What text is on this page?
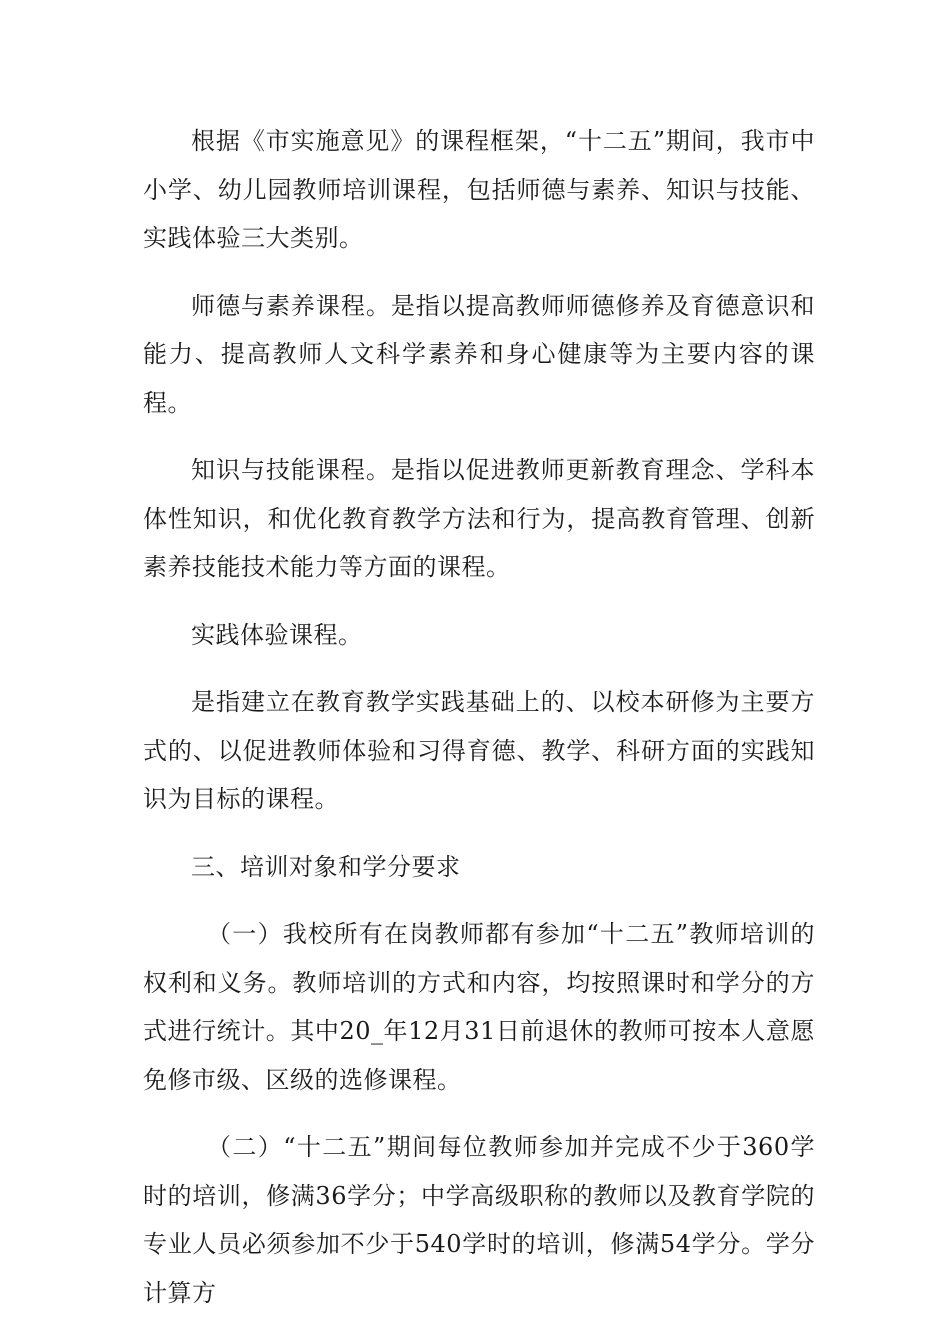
根据《市实施意见》的课程框架，“十二五”期间，我市中小学、幼儿园教师培训课程，包括师德与素养、知识与技能、实践体验三大类别。

师德与素养课程。是指以提高教师师德修养及育德意识和能力、提高教师人文科学素养和身心健康等为主要内容的课程。

知识与技能课程。是指以促进教师更新教育理念、学科本体性知识，和优化教育教学方法和行为，提高教育管理、创新素养技能技术能力等方面的课程。

实践体验课程。

是指建立在教育教学实践基础上的、以校本研修为主要方式的、以促进教师体验和习得育德、教学、科研方面的实践知识为目标的课程。

三、培训对象和学分要求

（一）我校所有在岗教师都有参加“十二五”教师培训的权利和义务。教师培训的方式和内容，均按照课时和学分的方式进行统计。其中20_年12月31日前退休的教师可按本人意愿免修市级、区级的选修课程。

（二）“十二五”期间每位教师参加并完成不少于360学时的培训，修满36学分；中学高级职称的教师以及教育学院的专业人员必须参加不少于540学时的培训，修满54学分。学分计算方
